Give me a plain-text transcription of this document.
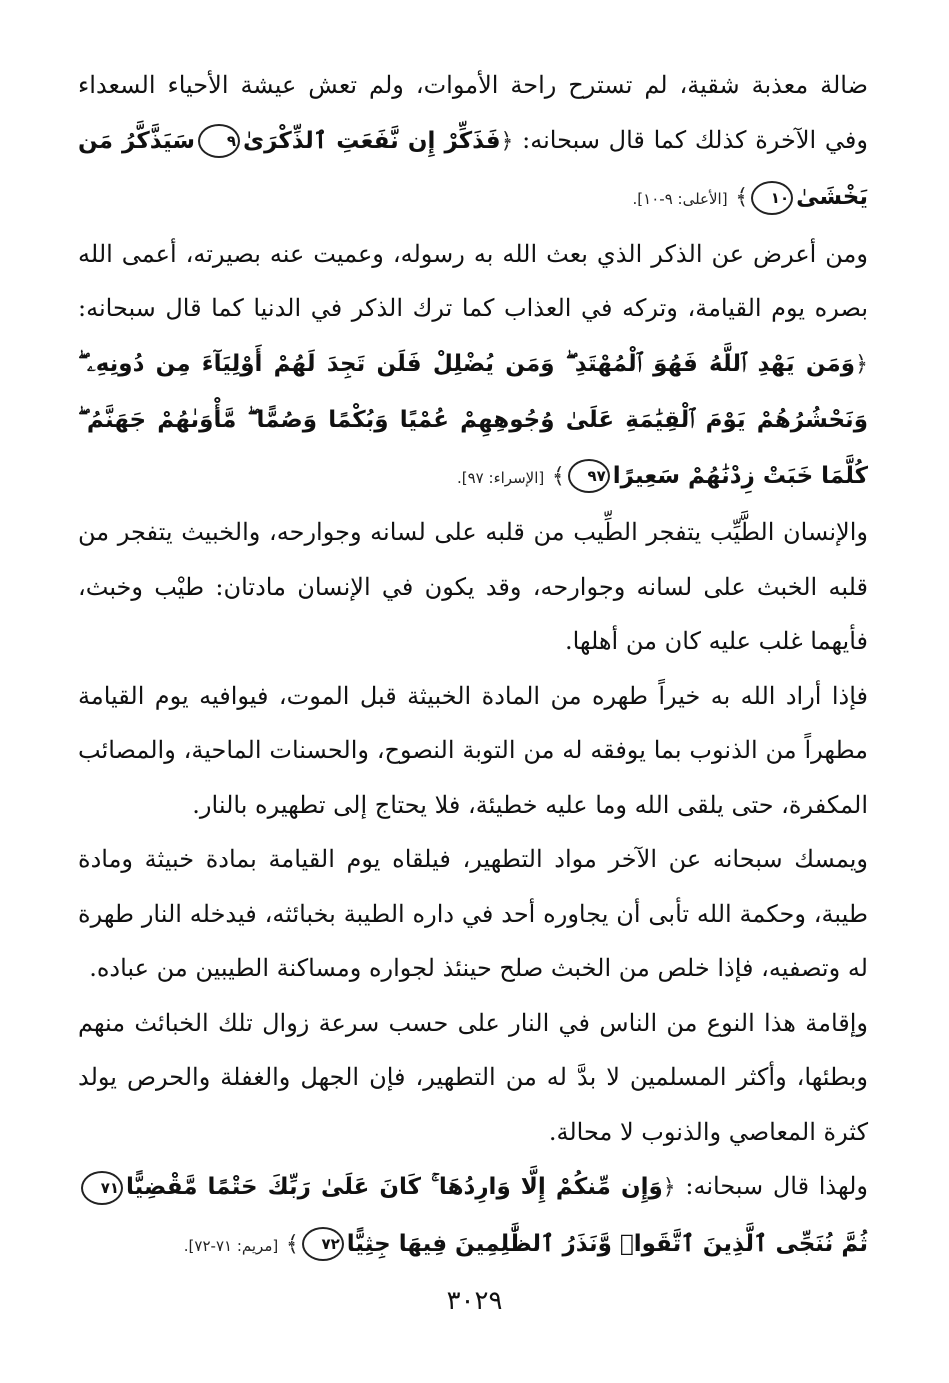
ضالة معذبة شقية، لم تسترح راحة الأموات، ولم تعش عيشة الأحياء السعداء وفي الآخرة كذلك كما قال سبحانه: ﴿فَذَكِّرْ إِن نَّفَعَتِ ٱلذِّكْرَىٰ٩سَيَذَّكَّرُ مَن يَخْشَىٰ١٠﴾ [الأعلى: ٩-١٠].

ومن أعرض عن الذكر الذي بعث الله به رسوله، وعميت عنه بصيرته، أعمى الله بصره يوم القيامة، وتركه في العذاب كما ترك الذكر في الدنيا كما قال سبحانه: ﴿وَمَن يَهْدِ ٱللَّهُ فَهُوَ ٱلْمُهْتَدِ ۖ وَمَن يُضْلِلْ فَلَن تَجِدَ لَهُمْ أَوْلِيَآءَ مِن دُونِهِۦ ۖ وَنَحْشُرُهُمْ يَوْمَ ٱلْقِيَٰمَةِ عَلَىٰ وُجُوهِهِمْ عُمْيًا وَبُكْمًا وَصُمًّا ۖ مَّأْوَىٰهُمْ جَهَنَّمُ ۖ كُلَّمَا خَبَتْ زِدْنَٰهُمْ سَعِيرًا٩٧﴾ [الإسراء: ٩٧].

والإنسان الطَّيِّب يتفجر الطِّيب من قلبه على لسانه وجوارحه، والخبيث يتفجر من قلبه الخبث على لسانه وجوارحه، وقد يكون في الإنسان مادتان: طيْب وخبث، فأيهما غلب عليه كان من أهلها.

فإذا أراد الله به خيراً طهره من المادة الخبيثة قبل الموت، فيوافيه يوم القيامة مطهراً من الذنوب بما يوفقه له من التوبة النصوح، والحسنات الماحية، والمصائب المكفرة، حتى يلقى الله وما عليه خطيئة، فلا يحتاج إلى تطهيره بالنار.

ويمسك سبحانه عن الآخر مواد التطهير، فيلقاه يوم القيامة بمادة خبيثة ومادة طيبة، وحكمة الله تأبى أن يجاوره أحد في داره الطيبة بخبائثه، فيدخله النار طهرة له وتصفيه، فإذا خلص من الخبث صلح حينئذ لجواره ومساكنة الطيبين من عباده.

وإقامة هذا النوع من الناس في النار على حسب سرعة زوال تلك الخبائث منهم وبطئها، وأكثر المسلمين لا بدَّ له من التطهير، فإن الجهل والغفلة والحرص يولد كثرة المعاصي والذنوب لا محالة.

ولهذا قال سبحانه: ﴿وَإِن مِّنكُمْ إِلَّا وَارِدُهَا ۚ كَانَ عَلَىٰ رَبِّكَ حَتْمًا مَّقْضِيًّا٧١ثُمَّ نُنَجِّى ٱلَّذِينَ ٱتَّقَوا۟ وَّنَذَرُ ٱلظَّٰلِمِينَ فِيهَا جِثِيًّا٧٢﴾ [مريم: ٧١-٧٢].

٣٠٢٩
